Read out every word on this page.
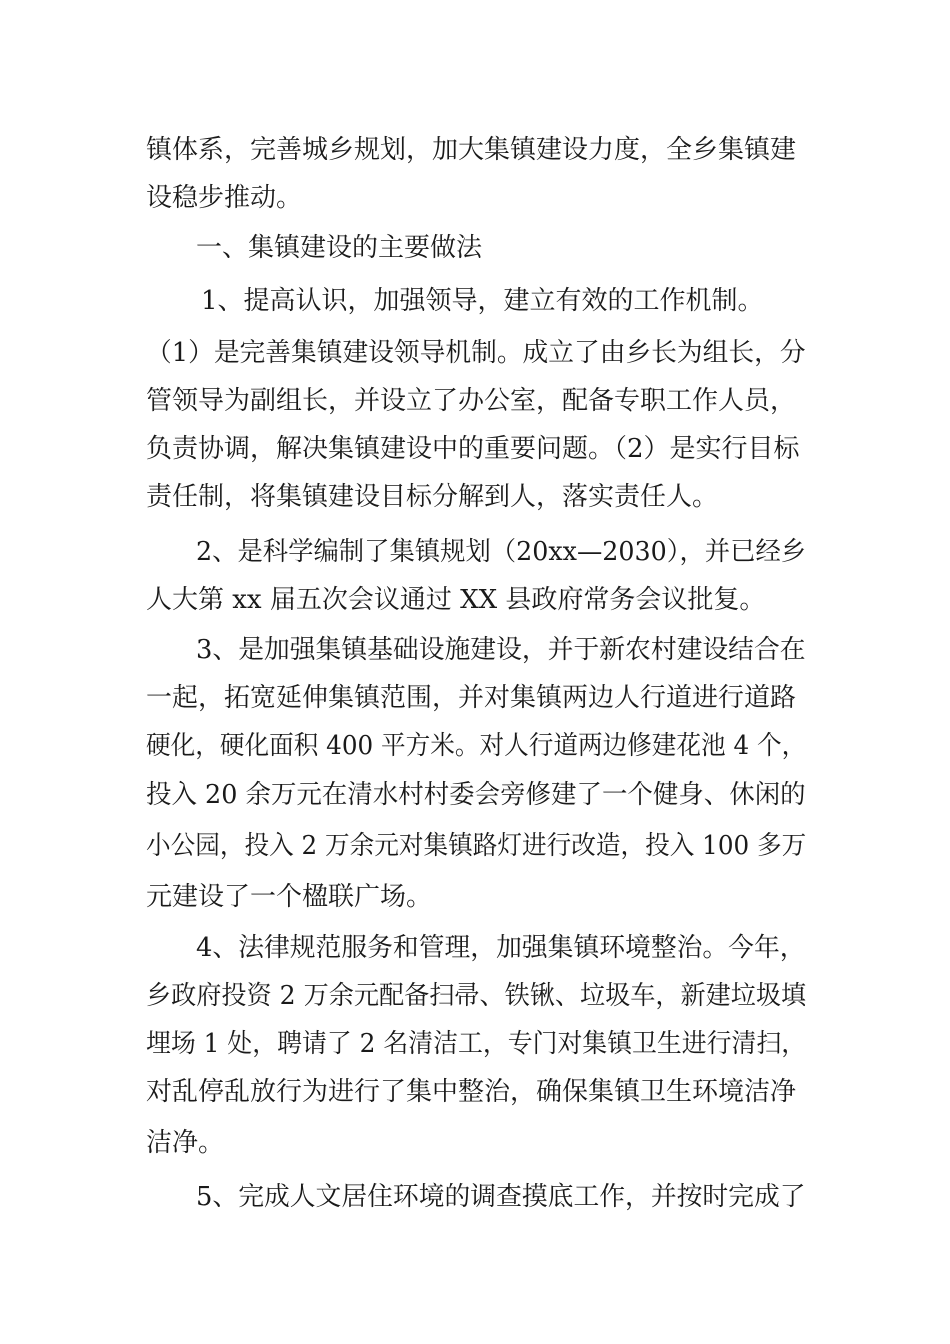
镇体系，完善城乡规划，加大集镇建设力度，全乡集镇建
设稳步推动。
一、集镇建设的主要做法
1、提高认识，加强领导，建立有效的工作机制。
（1）是完善集镇建设领导机制。成立了由乡长为组长，分
管领导为副组长，并设立了办公室，配备专职工作人员，
负责协调，解决集镇建设中的重要问题。（2）是实行目标
责任制，将集镇建设目标分解到人，落实责任人。
2、是科学编制了集镇规划（20xx—2030），并已经乡
人大第 xx 届五次会议通过 XX 县政府常务会议批复。
3、是加强集镇基础设施建设，并于新农村建设结合在
一起，拓宽延伸集镇范围，并对集镇两边人行道进行道路
硬化，硬化面积 400 平方米。对人行道两边修建花池 4 个，
投入 20 余万元在清水村村委会旁修建了一个健身、休闲的
小公园，投入 2 万余元对集镇路灯进行改造，投入 100 多万
元建设了一个楹联广场。
4、法律规范服务和管理，加强集镇环境整治。今年，
乡政府投资 2 万余元配备扫帚、铁锹、垃圾车，新建垃圾填
埋场 1 处，聘请了 2 名清洁工，专门对集镇卫生进行清扫，
对乱停乱放行为进行了集中整治，确保集镇卫生环境洁净
洁净。
5、完成人文居住环境的调查摸底工作，并按时完成了
